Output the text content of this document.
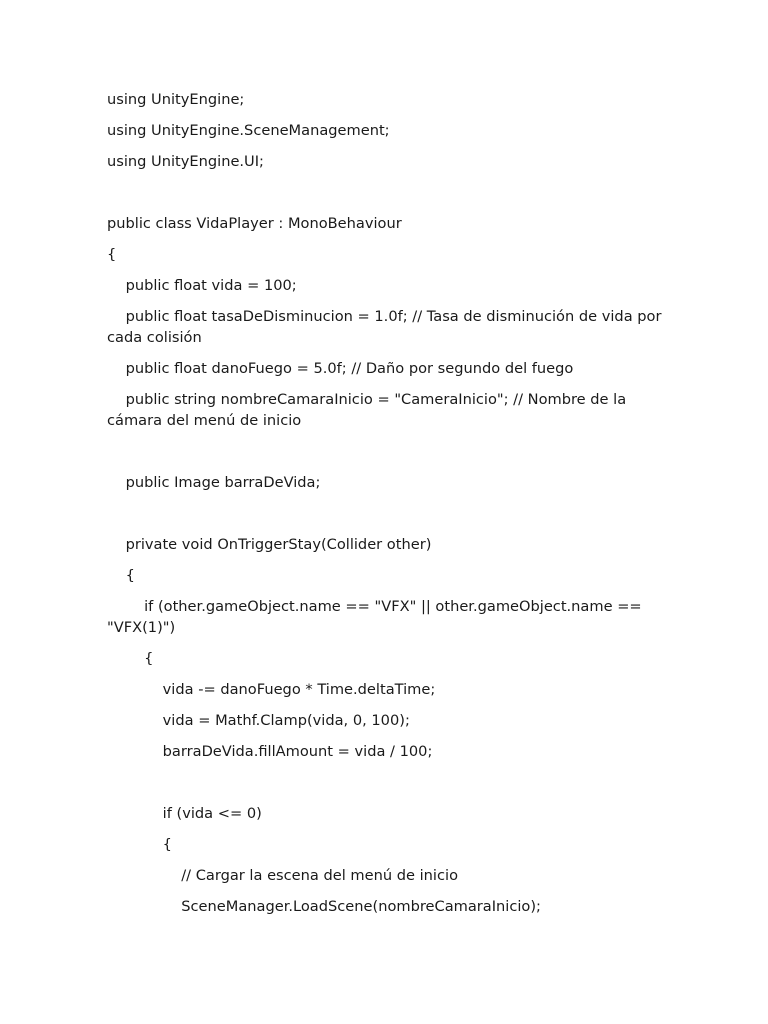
using UnityEngine;
using UnityEngine.SceneManagement;
using UnityEngine.UI;
public class VidaPlayer : MonoBehaviour
{
public float vida = 100;
public float tasaDeDisminucion = 1.0f; // Tasa de disminución de vida por cada colisión
public float danoFuego = 5.0f; // Daño por segundo del fuego
public string nombreCamaraInicio = "CameraInicio"; // Nombre de la cámara del menú de inicio
public Image barraDeVida;
private void OnTriggerStay(Collider other)
{
if (other.gameObject.name == "VFX" || other.gameObject.name == "VFX(1)")
{
vida -= danoFuego * Time.deltaTime;
vida = Mathf.Clamp(vida, 0, 100);
barraDeVida.fillAmount = vida / 100;
if (vida <= 0)
{
// Cargar la escena del menú de inicio
SceneManager.LoadScene(nombreCamaraInicio);
